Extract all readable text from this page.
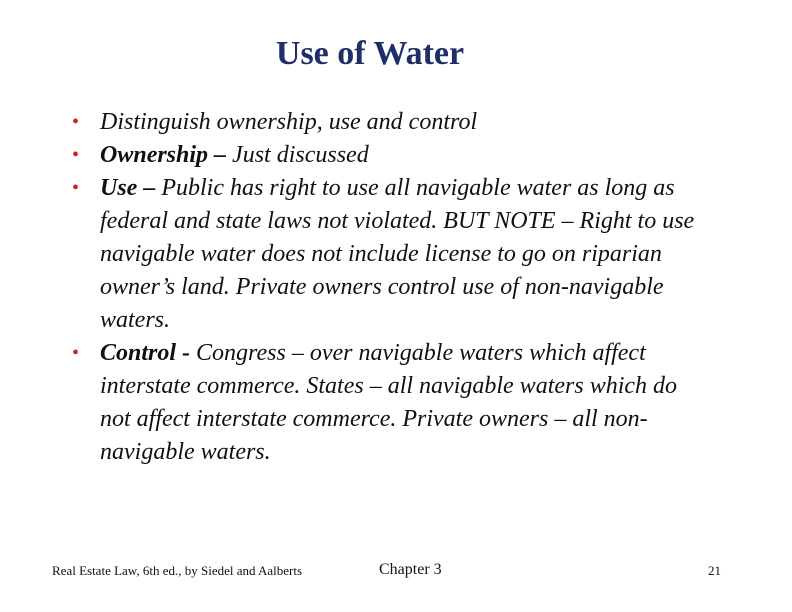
Use of Water
• Distinguish ownership, use and control
• Ownership – Just discussed
• Use – Public has right to use all navigable water as long as federal and state laws not violated. BUT NOTE – Right to use navigable water does not include license to go on riparian owner’s land. Private owners control use of non-navigable waters.
• Control - Congress – over navigable waters which affect interstate commerce. States – all navigable waters which do not affect interstate commerce. Private owners – all non-navigable waters.
Real Estate Law, 6th ed., by Siedel and Aalberts	Chapter 3	21
